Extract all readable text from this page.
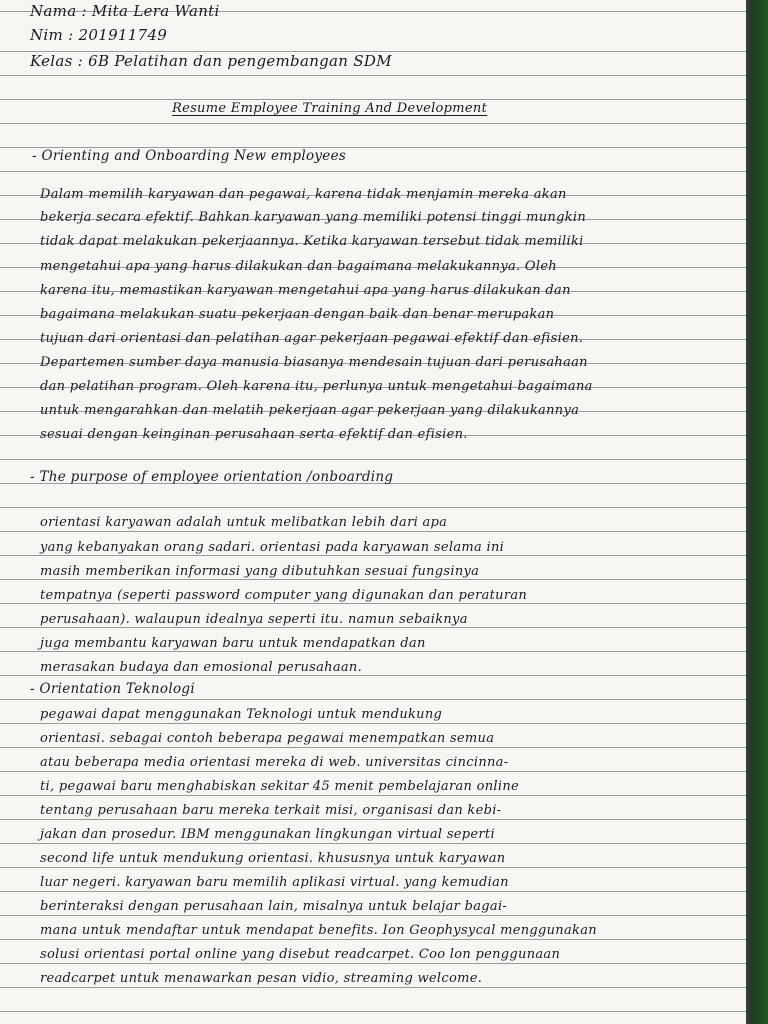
Nama : Mita Lera Wanti

Nim : 201911749

Kelas : 6B Pelatihan dan pengembangan SDM

Resume Employee Training And Development

- Orienting and Onboarding New employees

Dalam memilih karyawan dan pegawai, karena tidak menjamin mereka akan

bekerja secara efektif. Bahkan karyawan yang memiliki potensi tinggi mungkin

tidak dapat melakukan pekerjaannya. Ketika karyawan tersebut tidak memiliki

mengetahui apa yang harus dilakukan dan bagaimana melakukannya. Oleh

karena itu, memastikan karyawan mengetahui apa yang harus dilakukan dan

bagaimana melakukan suatu pekerjaan dengan baik dan benar merupakan

tujuan dari orientasi dan pelatihan agar pekerjaan pegawai efektif dan efisien.

Departemen sumber daya manusia biasanya mendesain tujuan dari perusahaan

dan pelatihan program. Oleh karena itu, perlunya untuk mengetahui bagaimana

untuk mengarahkan dan melatih pekerjaan agar pekerjaan yang dilakukannya

sesuai dengan keinginan perusahaan serta efektif dan efisien.

- The purpose of employee orientation /onboarding

orientasi karyawan adalah untuk melibatkan lebih dari apa

yang kebanyakan orang sadari. orientasi pada karyawan selama ini

masih memberikan informasi yang dibutuhkan sesuai fungsinya

tempatnya (seperti password computer yang digunakan dan peraturan

perusahaan). walaupun idealnya seperti itu. namun sebaiknya

juga membantu karyawan baru untuk mendapatkan dan

merasakan budaya dan emosional perusahaan.

- Orientation Teknologi

pegawai dapat menggunakan Teknologi untuk mendukung

orientasi. sebagai contoh beberapa pegawai menempatkan semua

atau beberapa media orientasi mereka di web. universitas cincinna-

ti, pegawai baru menghabiskan sekitar 45 menit pembelajaran online

tentang perusahaan baru mereka terkait misi, organisasi dan kebi-

jakan dan prosedur. IBM menggunakan lingkungan virtual seperti

second life untuk mendukung orientasi. khususnya untuk karyawan

luar negeri. karyawan baru memilih aplikasi virtual. yang kemudian

berinteraksi dengan perusahaan lain, misalnya untuk belajar bagai-

mana untuk mendaftar untuk mendapat benefits. Ion Geophysycal menggunakan

solusi orientasi portal online yang disebut readcarpet. Coo lon penggunaan

readcarpet untuk menawarkan pesan vidio, streaming welcome.
